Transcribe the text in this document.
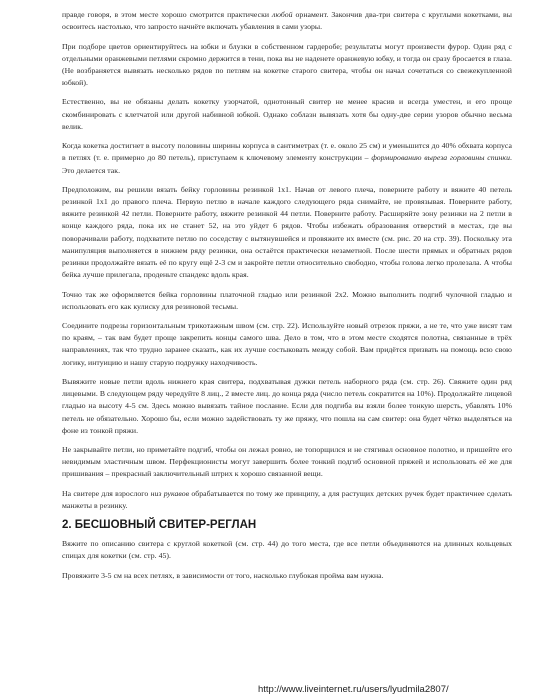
правде говоря, в этом месте хорошо смотрится практически любой орнамент. Закончив два-три свитера с круглыми кокетками, вы освоитесь настолько, что запросто начнёте включать убавления в сами узоры.

При подборе цветов ориентируйтесь на юбки и блузки в собственном гардеробе; результаты могут произвести фурор. Один ряд с отдельными оранжевыми петлями скромно держится в тени, пока вы не наденете оранжевую юбку, и тогда он сразу бросается в глаза. (Не возбраняется вывязать несколько рядов по петлям на кокетке старого свитера, чтобы он начал сочетаться со свежекупленной юбкой).

Естественно, вы не обязаны делать кокетку узорчатой, однотонный свитер не менее красив и всегда уместен, и его проще скомбинировать с клетчатой или другой набивной юбкой. Однако соблазн вывязать хотя бы одну-две серии узоров обычно весьма велик.

Когда кокетка достигнет в высоту половины ширины корпуса в сантиметрах (т. е. около 25 см) и уменьшится до 40% обхвата корпуса в петлях (т. е. примерно до 80 петель), приступаем к ключевому элементу конструкции – формированию выреза горловины спинки. Это делается так.

Предположим, вы решили вязать бейку горловины резинкой 1x1. Начав от левого плеча, поверните работу и вяжите 40 петель резинкой 1x1 до правого плеча. Первую петлю в начале каждого следующего ряда снимайте, не провязывая. Поверните работу, вяжите резинкой 42 петли. Поверните работу, вяжите резинкой 44 петли. Поверните работу. Расширяйте зону резинки на 2 петли в конце каждого ряда, пока их не станет 52, на это уйдет 6 рядов. Чтобы избежать образования отверстий в местах, где вы поворачивали работу, подхватите петлю по соседству с вытянувшейся и провяжите их вместе (см. рис. 20 на стр. 39). Поскольку эта манипуляция выполняется в нижнем ряду резинки, она остаётся практически незаметной. После шести прямых и обратных рядов резинки продолжайте вязать её по кругу ещё 2-3 см и закройте петли относительно свободно, чтобы голова легко пролезала. А чтобы бейка лучше прилегала, проденьте спандекс вдоль края.

Точно так же оформляется бейка горловины платочной гладью или резинкой 2x2. Можно выполнить подгиб чулочной гладью и использовать его как кулиску для резиновой тесьмы.

Соедините подрезы горизонтальным трикотажным швом (см. стр. 22). Используйте новый отрезок пряжи, а не те, что уже висят там по краям, – так вам будет проще закрепить концы самого шва. Дело в том, что в этом месте сходятся полотна, связанные в трёх направлениях, так что трудно заранее сказать, как их лучше состыковать между собой. Вам придётся призвать на помощь всю свою логику, интуицию и нашу старую подружку находчивость.

Вывяжите новые петли вдоль нижнего края свитера, подхватывая дужки петель наборного ряда (см. стр. 26). Свяжите один ряд лицевыми. В следующем ряду чередуйте 8 лиц., 2 вместе лиц. до конца ряда (число петель сократится на 10%). Продолжайте лицевой гладью на высоту 4-5 см. Здесь можно вывязать тайное послание. Если для подгиба вы взяли более тонкую шерсть, убавлять 10% петель не обязательно. Хорошо бы, если можно задействовать ту же пряжу, что пошла на сам свитер: она будет чётко выделяться на фоне из тонкой пряжи.

Не закрывайте петли, но приметайте подгиб, чтобы он лежал ровно, не топорщился и не стягивал основное полотно, и пришейте его невидимым эластичным швом. Перфекционисты могут завершить более тонкий подгиб основной пряжей и использовать её же для пришивания – прекрасный заключительный штрих к хорошо связанной вещи.

На свитере для взрослого низ рукавов обрабатывается по тому же принципу, а для растущих детских ручек будет практичнее сделать манжеты в резинку.

2. БЕСШОВНЫЙ СВИТЕР-РЕГЛАН

Вяжите по описанию свитера с круглой кокеткой (см. стр. 44) до того места, где все петли объединяются на длинных кольцевых спицах для кокетки (см. стр. 45).

Провяжите 3-5 см на всех петлях, в зависимости от того, насколько глубокая пройма вам нужна.

http://www.liveinternet.ru/users/lyudmila2807/
